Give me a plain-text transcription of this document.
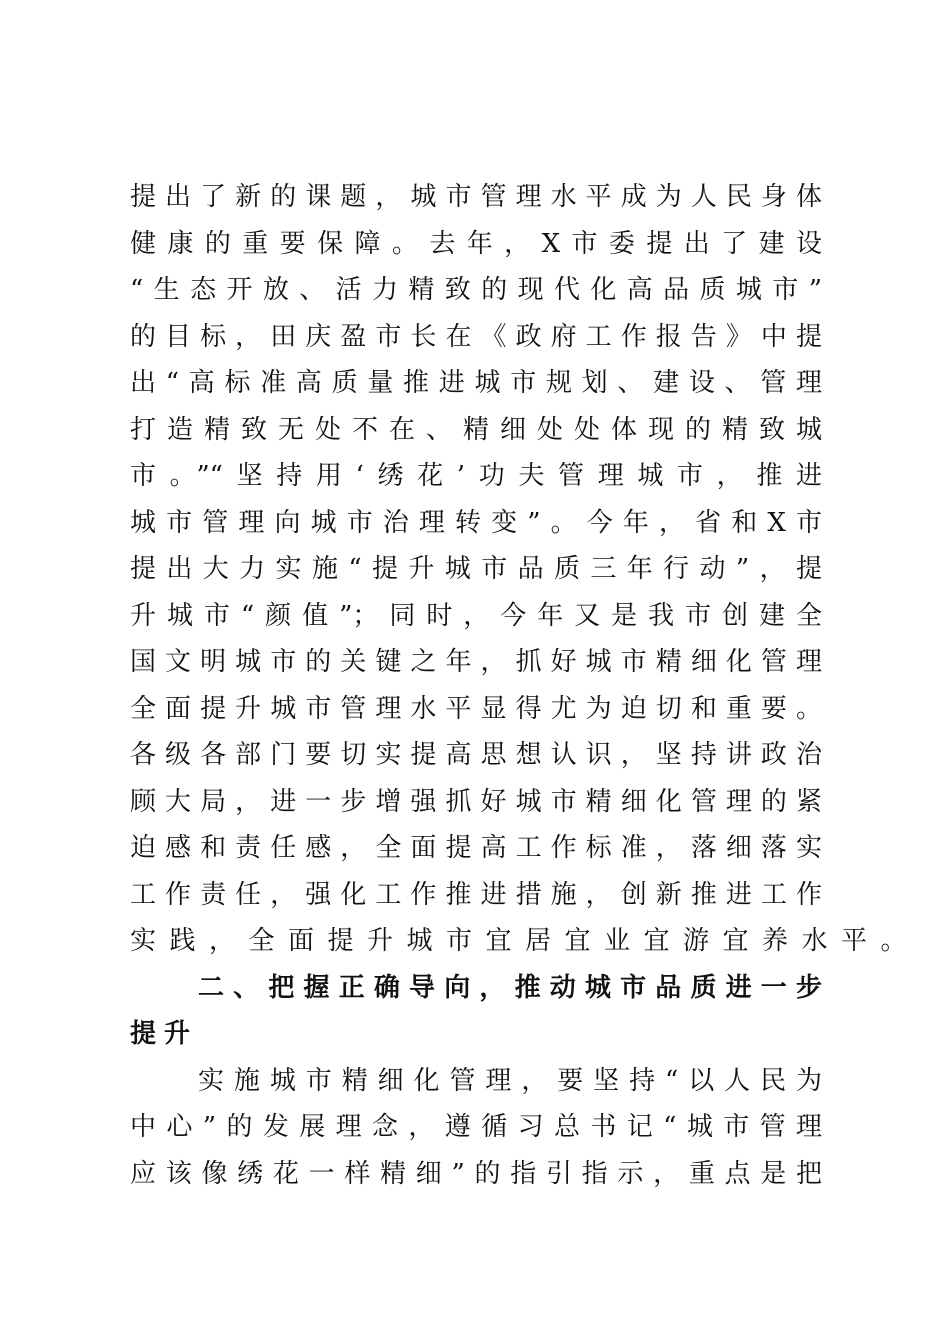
提出了新的课题，城市管理水平成为人民身体
健康的重要保障。去年，X市委提出了建设
“生态开放、活力精致的现代化高品质城市”
的目标，田庆盈市长在《政府工作报告》中提
出“高标准高质量推进城市规划、建设、管理
打造精致无处不在、精细处处体现的精致城
市。”“坚持用‘绣花’功夫管理城市，推进
城市管理向城市治理转变”。今年，省和X市
提出大力实施“提升城市品质三年行动”，提
升城市“颜值”；同时，今年又是我市创建全
国文明城市的关键之年，抓好城市精细化管理
全面提升城市管理水平显得尤为迫切和重要。
各级各部门要切实提高思想认识，坚持讲政治
顾大局，进一步增强抓好城市精细化管理的紧
迫感和责任感，全面提高工作标准，落细落实
工作责任，强化工作推进措施，创新推进工作
实践，全面提升城市宜居宜业宜游宜养水平。
二、把握正确导向，推动城市品质进一步
提升
实施城市精细化管理，要坚持“以人民为
中心”的发展理念，遵循习总书记“城市管理
应该像绣花一样精细”的指引指示，重点是把
